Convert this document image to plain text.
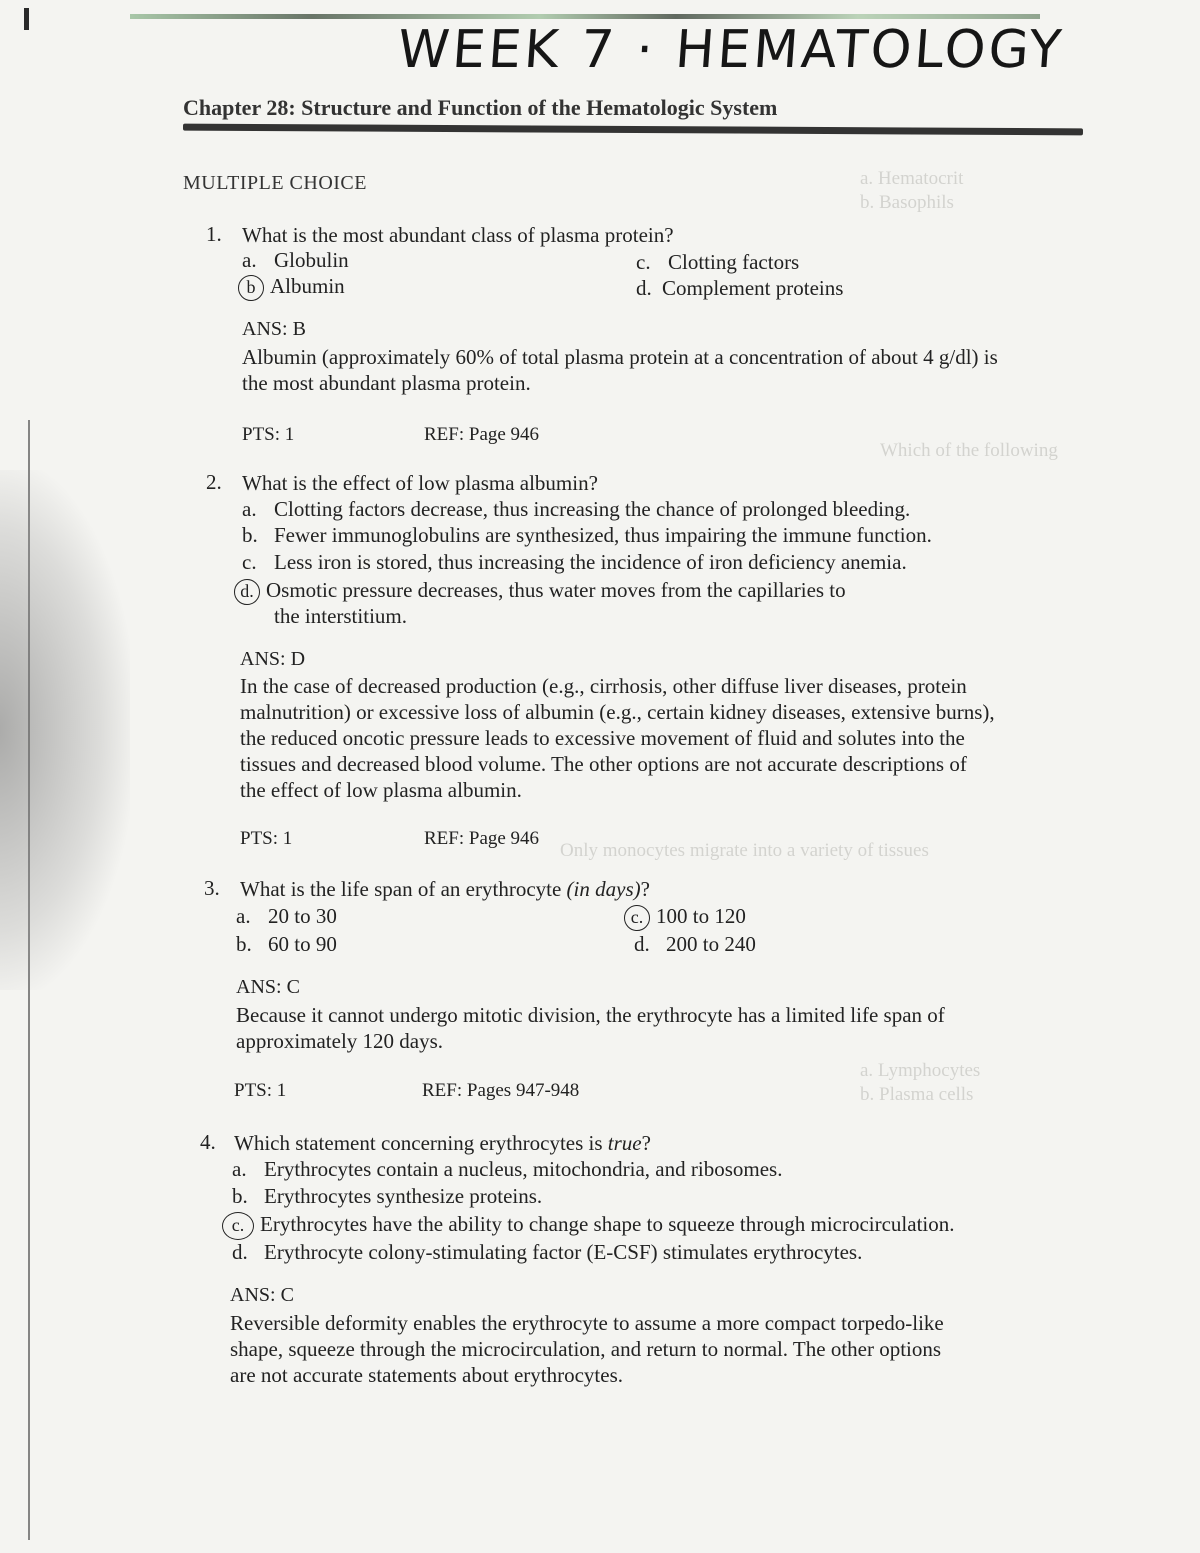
a. Hematocrit
b. Basophils
Which of the following
Only monocytes migrate into a variety of tissues
a. Lymphocytes
b. Plasma cells
WEEK 7 · HEMATOLOGY
Chapter 28: Structure and Function of the Hematologic System
MULTIPLE CHOICE
1. What is the most abundant class of plasma protein?
a. Globulin
b Albumin
c. Clotting factors
d. Complement proteins
ANS: B
Albumin (approximately 60% of total plasma protein at a concentration of about 4 g/dl) is
the most abundant plasma protein.
PTS: 1	REF: Page 946
2. What is the effect of low plasma albumin?
a. Clotting factors decrease, thus increasing the chance of prolonged bleeding.
b. Fewer immunoglobulins are synthesized, thus impairing the immune function.
c. Less iron is stored, thus increasing the incidence of iron deficiency anemia.
d. Osmotic pressure decreases, thus water moves from the capillaries to
the interstitium.
ANS: D
In the case of decreased production (e.g., cirrhosis, other diffuse liver diseases, protein
malnutrition) or excessive loss of albumin (e.g., certain kidney diseases, extensive burns),
the reduced oncotic pressure leads to excessive movement of fluid and solutes into the
tissues and decreased blood volume. The other options are not accurate descriptions of
the effect of low plasma albumin.
PTS: 1	REF: Page 946
3. What is the life span of an erythrocyte (in days)?
a. 20 to 30
b. 60 to 90
c. 100 to 120
d. 200 to 240
ANS: C
Because it cannot undergo mitotic division, the erythrocyte has a limited life span of
approximately 120 days.
PTS: 1	REF: Pages 947-948
4. Which statement concerning erythrocytes is true?
a. Erythrocytes contain a nucleus, mitochondria, and ribosomes.
b. Erythrocytes synthesize proteins.
c. Erythrocytes have the ability to change shape to squeeze through microcirculation.
d. Erythrocyte colony-stimulating factor (E-CSF) stimulates erythrocytes.
ANS: C
Reversible deformity enables the erythrocyte to assume a more compact torpedo-like
shape, squeeze through the microcirculation, and return to normal. The other options
are not accurate statements about erythrocytes.
